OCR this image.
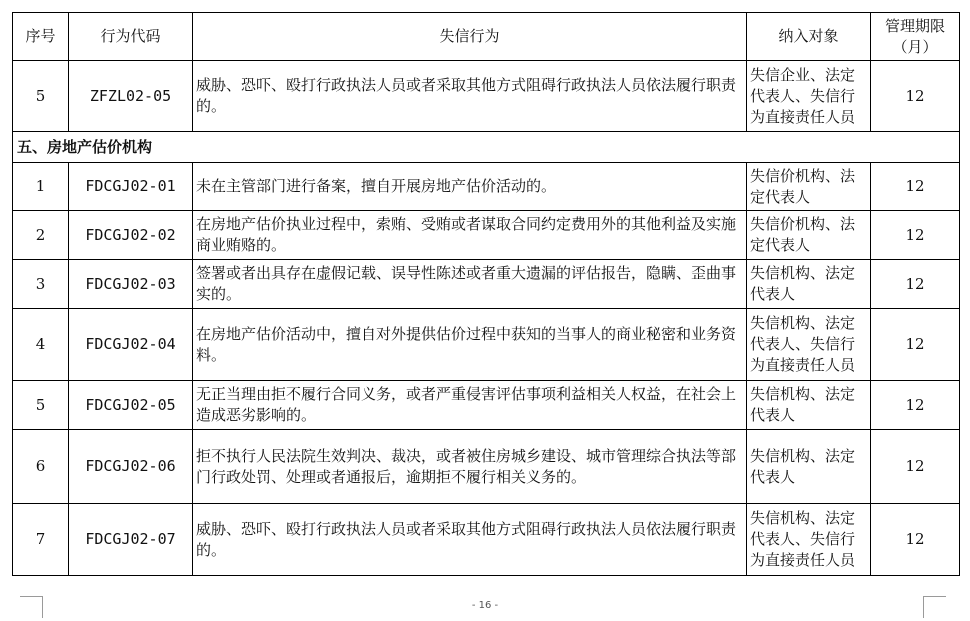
序号	行为代码	失信行为	纳入对象	管理期限
（月）

5	ZFZL02-05	威胁、恐吓、殴打行政执法人员或者采取其他方式阻碍行政执法人员依法履行职责的。	失信企业、法定代表人、失信行为直接责任人员	12
五、房地产估价机构				
1	FDCGJ02-01	未在主管部门进行备案，擅自开展房地产估价活动的。	失信价机构、法定代表人	12
2	FDCGJ02-02	在房地产估价执业过程中，索贿、受贿或者谋取合同约定费用外的其他利益及实施商业贿赂的。	失信价机构、法定代表人	12
3	FDCGJ02-03	签署或者出具存在虚假记载、误导性陈述或者重大遗漏的评估报告，隐瞒、歪曲事实的。	失信机构、法定代表人	12
4	FDCGJ02-04	在房地产估价活动中，擅自对外提供估价过程中获知的当事人的商业秘密和业务资料。	失信机构、法定代表人、失信行为直接责任人员	12
5	FDCGJ02-05	无正当理由拒不履行合同义务，或者严重侵害评估事项利益相关人权益，在社会上造成恶劣影响的。	失信机构、法定代表人	12
6	FDCGJ02-06	拒不执行人民法院生效判决、裁决，或者被住房城乡建设、城市管理综合执法等部门行政处罚、处理或者通报后，逾期拒不履行相关义务的。	失信机构、法定代表人	12
7	FDCGJ02-07	威胁、恐吓、殴打行政执法人员或者采取其他方式阻碍行政执法人员依法履行职责的。	失信机构、法定代表人、失信行为直接责任人员	12
- 16 -
